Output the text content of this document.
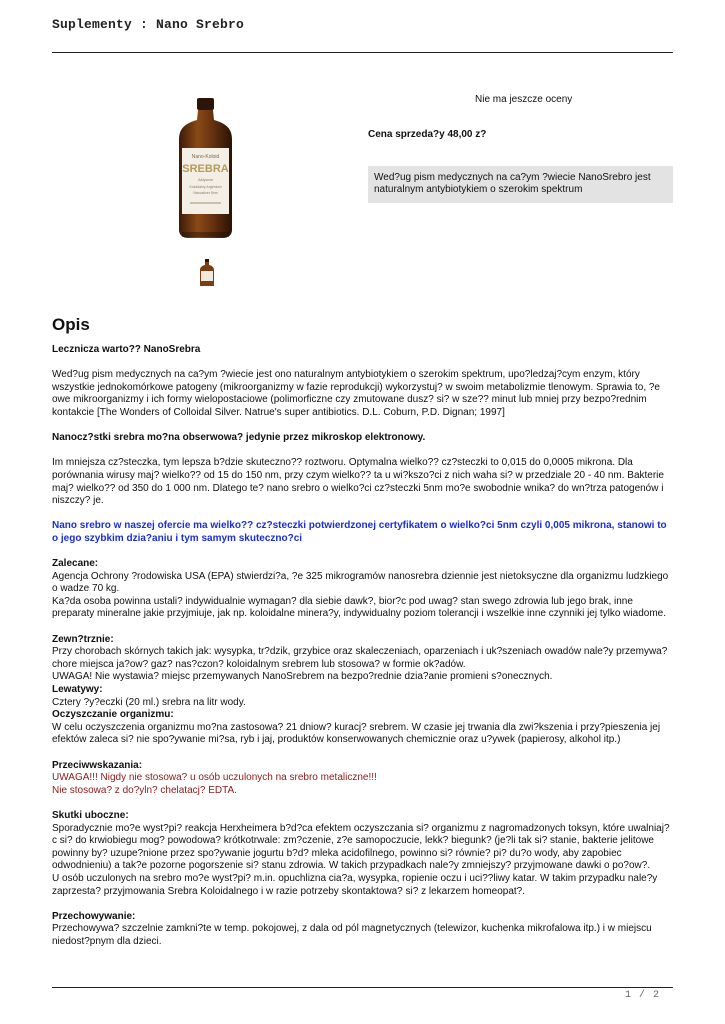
Suplementy : Nano Srebro
Nano-Koloid
SREBRA
Aktywne
Koloidalny Argentum
Nanosilver 5nm
Nie ma jeszcze oceny
Cena sprzeda?y 48,00 z?
Wed?ug pism medycznych na ca?ym ?wiecie NanoSrebro jest naturalnym antybiotykiem o szerokim spektrum
Opis

Lecznicza warto?? NanoSrebra

Wed?ug pism medycznych na ca?ym ?wiecie jest ono naturalnym antybiotykiem o szerokim spektrum, upo?ledzaj?cym enzym, który wszystkie jednokomórkowe patogeny (mikroorganizmy w fazie reprodukcji) wykorzystuj? w swoim metabolizmie tlenowym. Sprawia to, ?e owe mikroorganizmy i ich formy wielopostaciowe (polimorficzne czy zmutowane dusz? si? w sze?? minut lub mniej przy bezpo?rednim kontakcie [The Wonders of Colloidal Silver. Natrue's super antibiotics. D.L. Coburn, P.D. Dignan; 1997]

Nanocz?stki srebra mo?na obserwowa? jedynie przez mikroskop elektronowy.

Im mniejsza cz?steczka, tym lepsza b?dzie skuteczno?? roztworu. Optymalna wielko?? cz?steczki to 0,015 do 0,0005 mikrona. Dla porównania wirusy maj? wielko?? od 15 do 150 nm, przy czym wielko?? ta u wi?kszo?ci z nich waha si? w przedziale 20 - 40 nm. Bakterie maj? wielko?? od 350 do 1 000 nm. Dlatego te? nano srebro o wielko?ci cz?steczki 5nm mo?e swobodnie wnika? do wn?trza patogenów i niszczy? je.

Nano srebro w naszej ofercie ma wielko?? cz?steczki potwierdzonej certyfikatem o wielko?ci 5nm czyli 0,005 mikrona, stanowi to o jego szybkim dzia?aniu i tym samym skuteczno?ci

Zalecane:

Agencja Ochrony ?rodowiska USA (EPA) stwierdzi?a, ?e 325 mikrogramów nanosrebra dziennie jest nietoksyczne dla organizmu ludzkiego o wadze 70 kg.

Ka?da osoba powinna ustali? indywidualnie wymagan? dla siebie dawk?, bior?c pod uwag? stan swego zdrowia lub jego brak, inne preparaty mineralne jakie przyjmiuje, jak np. koloidalne minera?y, indywidualny poziom tolerancji i wszelkie inne czynniki jej tylko wiadome.

Zewn?trznie:

Przy chorobach skórnych takich jak: wysypka, tr?dzik, grzybice oraz skaleczeniach, oparzeniach i uk?szeniach owadów nale?y przemywa? chore miejsca ja?ow? gaz? nas?czon? koloidalnym srebrem lub stosowa? w formie ok?adów.

UWAGA! Nie wystawia? miejsc przemywanych NanoSrebrem na bezpo?rednie dzia?anie promieni s?onecznych.

Lewatywy:

Cztery ?y?eczki (20 ml.) srebra na litr wody.

Oczyszczanie organizmu:

W celu oczyszczenia organizmu mo?na zastosowa? 21 dniow? kuracj? srebrem. W czasie jej trwania dla zwi?kszenia i przy?pieszenia jej efektów zaleca si? nie spo?ywanie mi?sa, ryb i jaj, produktów konserwowanych chemicznie oraz u?ywek (papierosy, alkohol itp.)

Przeciwwskazania:

UWAGA!!! Nigdy nie stosowa? u osób uczulonych na srebro metaliczne!!!

Nie stosowa? z do?yln? chelatacj? EDTA.

Skutki uboczne:

Sporadycznie mo?e wyst?pi? reakcja Herxheimera b?d?ca efektem oczyszczania si? organizmu z nagromadzonych toksyn, które uwalniaj?c si? do krwiobiegu mog? powodowa? krótkotrwale: zm?czenie, z?e samopoczucie, lekk? biegunk? (je?li tak si? stanie, bakterie jelitowe powinny by? uzupe?nione przez spo?ywanie jogurtu b?d? mleka acidofilnego, powinno si? równie? pi? du?o wody, aby zapobiec odwodnieniu) a tak?e pozorne pogorszenie si? stanu zdrowia. W takich przypadkach nale?y zmniejszy? przyjmowane dawki o po?ow?.

U osób uczulonych na srebro mo?e wyst?pi? m.in. opuchlizna cia?a, wysypka, ropienie oczu i uci??liwy katar. W takim przypadku nale?y zaprzesta? przyjmowania Srebra Koloidalnego i w razie potrzeby skontaktowa? si? z lekarzem homeopat?.

Przechowywanie:

Przechowywa? szczelnie zamkni?te w temp. pokojowej, z dala od pól magnetycznych (telewizor, kuchenka mikrofalowa itp.) i w miejscu niedost?pnym dla dzieci.

1 / 2
